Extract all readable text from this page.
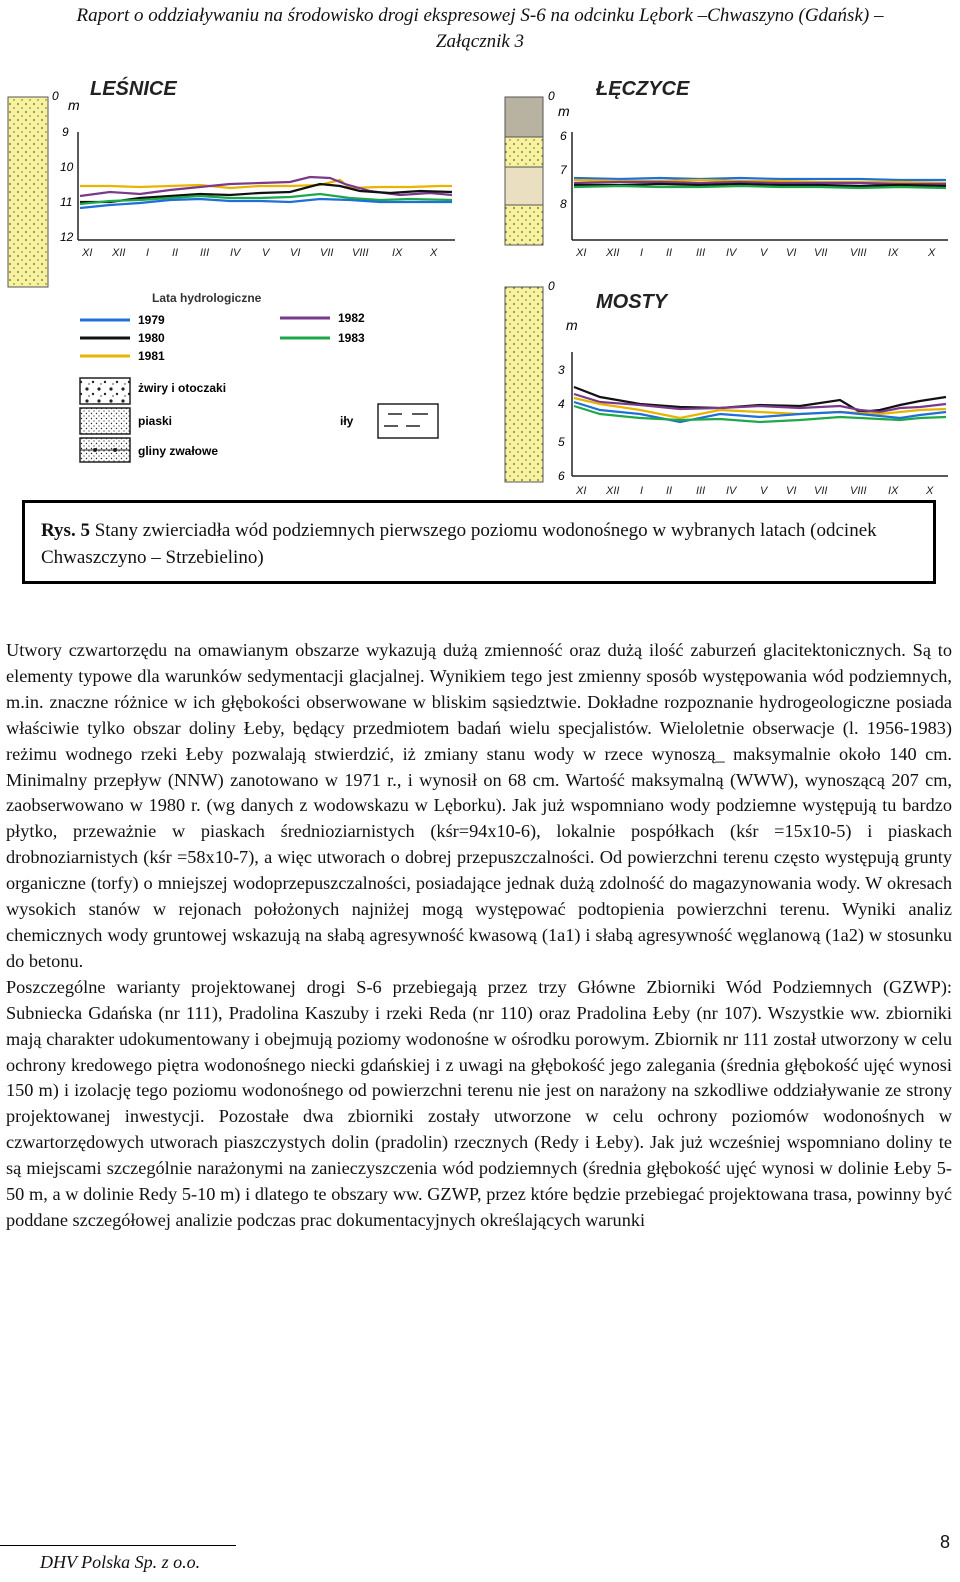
Raport o oddziaływaniu na środowisko drogi ekspresowej S-6 na odcinku Lębork –Chwaszyno (Gdańsk) –
Załącznik 3
LEŚNICE
m
0
9
10
11
12
XI XII I II III IV V VI VII VIII IX	X
ŁĘCZYCE
m
0
6
7
8
XI XII I II III IV V VI VII VIII IX	X
Lata hydrologiczne
1979
1980
1981
1982
1983
żwiry i otoczaki
piaski
gliny zwałowe
iły
MOSTY
m
0
3
4
5
6
XI XII I II III IV V VI VII VIII IX	X
Rys. 5 Stany zwierciadła wód podziemnych pierwszego poziomu wodonośnego w wybranych latach (odcinek Chwaszczyno – Strzebielino)

Utwory czwartorzędu na omawianym obszarze wykazują dużą zmienność oraz dużą ilość zaburzeń glacitektonicznych. Są to elementy typowe dla warunków sedymentacji glacjalnej. Wynikiem tego jest zmienny sposób występowania wód podziemnych, m.in. znaczne różnice w ich głębokości obserwowane w bliskim sąsiedztwie. Dokładne rozpoznanie hydrogeologiczne posiada właściwie tylko obszar doliny Łeby, będący przedmiotem badań wielu specjalistów. Wieloletnie obserwacje (l. 1956-1983) reżimu wodnego rzeki Łeby pozwalają stwierdzić, iż zmiany stanu wody w rzece wynoszą_ maksymalnie około 140 cm. Minimalny przepływ (NNW) zanotowano w 1971 r., i wynosił on 68 cm. Wartość maksymalną (WWW), wynoszącą 207 cm, zaobserwowano w 1980 r. (wg danych z wodowskazu w Lęborku). Jak już wspomniano wody podziemne występują tu bardzo płytko, przeważnie w piaskach średnioziarnistych (kśr=94x10-6), lokalnie pospółkach (kśr =15x10-5) i piaskach drobnoziarnistych (kśr =58x10-7), a więc utworach o dobrej przepuszczalności. Od powierzchni terenu często występują grunty organiczne (torfy) o mniejszej wodoprzepuszczalności, posiadające jednak dużą zdolność do magazynowania wody. W okresach wysokich stanów w rejonach położonych najniżej mogą występować podtopienia powierzchni terenu. Wyniki analiz chemicznych wody gruntowej wskazują na słabą agresywność kwasową (1a1) i słabą agresywność węglanową (1a2) w stosunku do betonu.

Poszczególne warianty projektowanej drogi S-6 przebiegają przez trzy Główne Zbiorniki Wód Podziemnych (GZWP): Subniecka Gdańska (nr 111), Pradolina Kaszuby i rzeki Reda (nr 110) oraz Pradolina Łeby (nr 107). Wszystkie ww. zbiorniki mają charakter udokumentowany i obejmują poziomy wodonośne w ośrodku porowym. Zbiornik nr 111 został utworzony w celu ochrony kredowego piętra wodonośnego niecki gdańskiej i z uwagi na głębokość jego zalegania (średnia głębokość ujęć wynosi 150 m) i izolację tego poziomu wodonośnego od powierzchni terenu nie jest on narażony na szkodliwe oddziaływanie ze strony projektowanej inwestycji. Pozostałe dwa zbiorniki zostały utworzone w celu ochrony poziomów wodonośnych w czwartorzędowych utworach piaszczystych dolin (pradolin) rzecznych (Redy i Łeby). Jak już wcześniej wspomniano doliny te są miejscami szczególnie narażonymi na zanieczyszczenia wód podziemnych (średnia głębokość ujęć wynosi w dolinie Łeby 5-50 m, a w dolinie Redy 5-10 m) i dlatego te obszary ww. GZWP, przez które będzie przebiegać projektowana trasa, powinny być poddane szczegółowej analizie podczas prac dokumentacyjnych określających warunki

8
DHV Polska Sp. z o.o.
